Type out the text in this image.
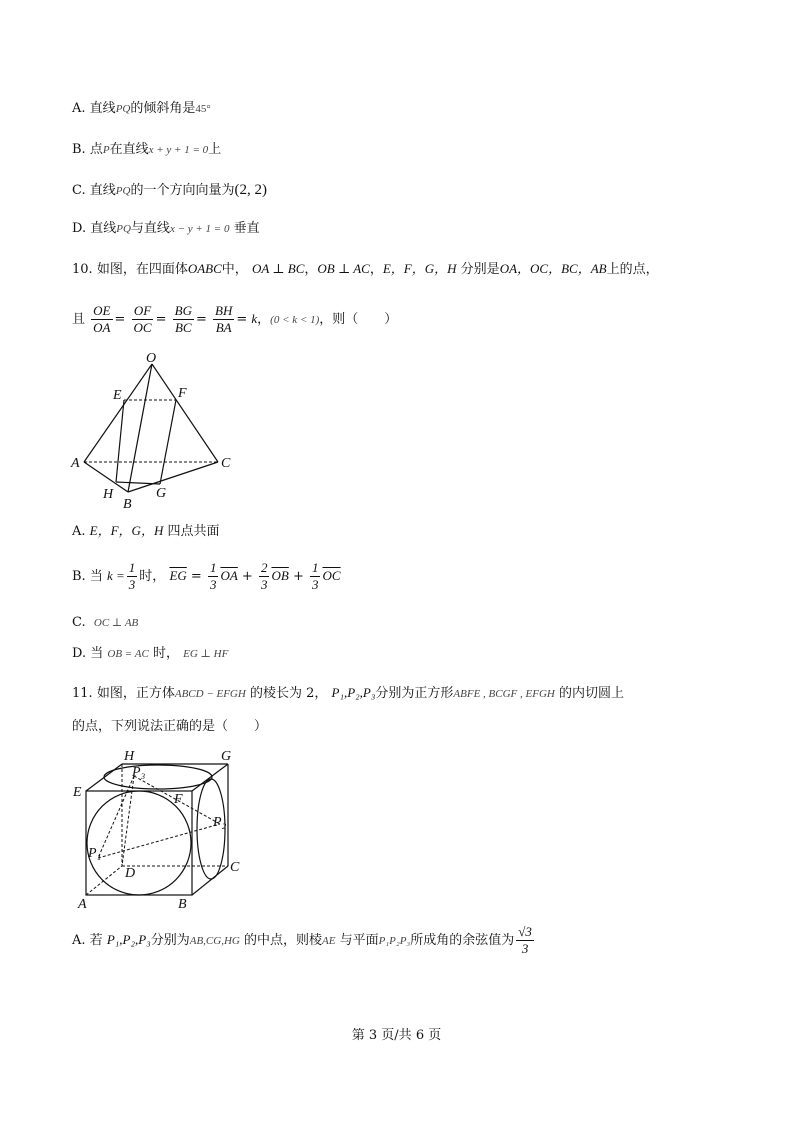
A. 直线PQ的倾斜角是45°
B. 点P在直线x + y + 1 = 0上
C. 直线PQ的一个方向向量为(2, 2)
D. 直线PQ与直线x − y + 1 = 0 垂直
10. 如图，在四面体OABC中， OA ⊥ BC，OB ⊥ AC，E，F，G，H 分别是OA，OC，BC，AB上的点，
且 $\frac{OE}{OA} = \frac{OF}{OC} = \frac{BG}{BC} = \frac{BH}{BA} = k$，(0 < k < 1)，则（　　）
O
E	F
A	C
H
B
G
A. E，F，G，H 四点共面
B. 当 $k = \frac{1}{3}$ 时， $\overline{EG} = \frac{1}{3} \overline{OA} + \frac{2}{3} \overline{OB} + \frac{1}{3} \overline{OC}$
C. OC ⊥ AB
D. 当 OB = AC 时， EG ⊥ HF
11. 如图，正方体ABCD − EFGH 的棱长为 2， P₁,P₂,P₃分别为正方形ABFE , BCGF , EFGH 的内切圆上
的点，下列说法正确的是（　　）
H	G
P₃
E	F
P₂
P₁
D	C
A	B
A. 若 P₁,P₂,P₃分别为AB,CG,HG 的中点，则棱AE 与平面P₁P₂P₃所成角的余弦值为 $\frac{√3}{3}$
第 3 页/共 6 页
